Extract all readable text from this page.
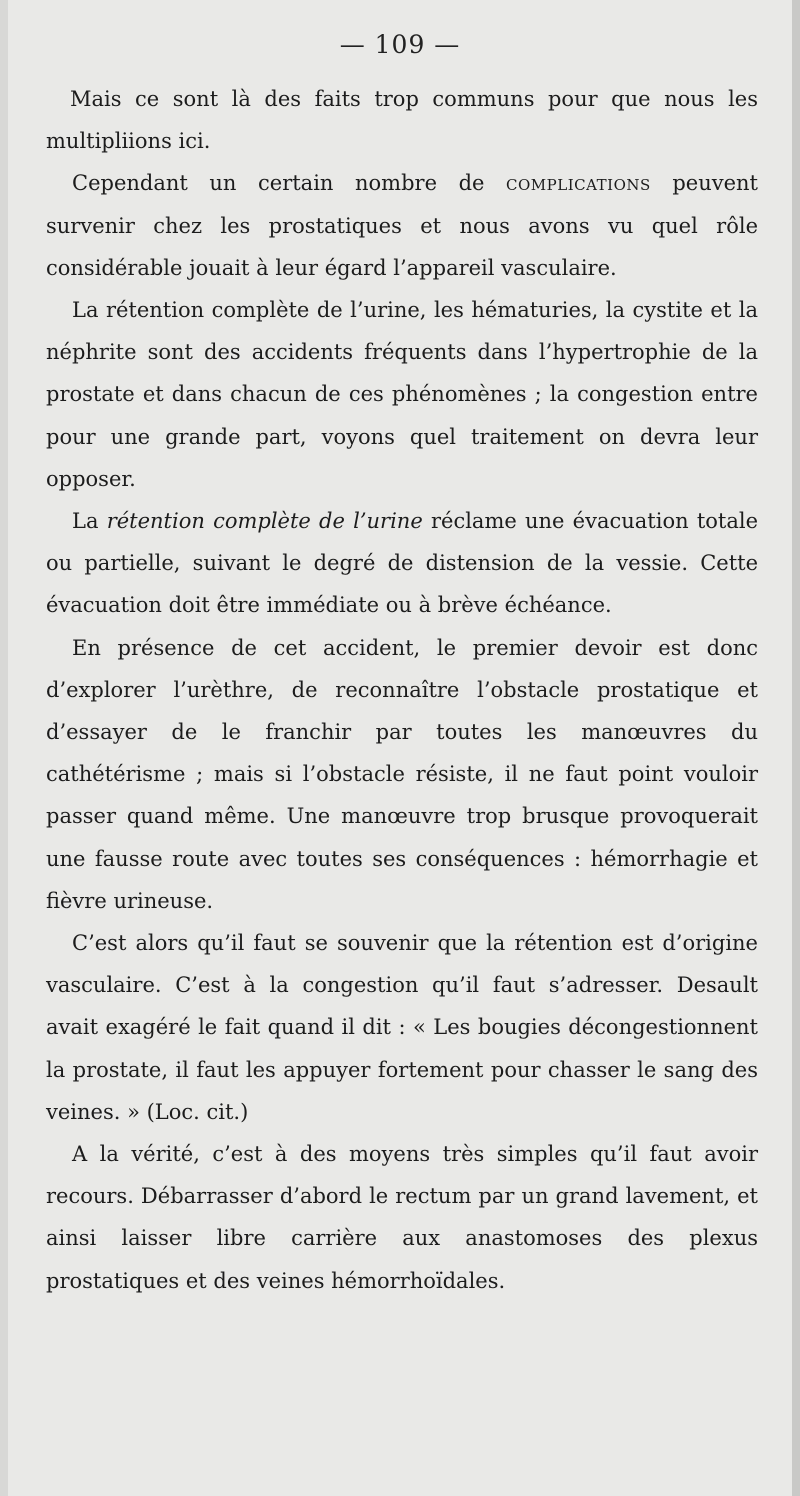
— 109 —

Mais ce sont là des faits trop communs pour que nous les multipliions ici.

Cependant un certain nombre de complications peuvent survenir chez les prostatiques et nous avons vu quel rôle considérable jouait à leur égard l’appareil vasculaire.

La rétention complète de l’urine, les hématuries, la cystite et la néphrite sont des accidents fréquents dans l’hypertrophie de la prostate et dans chacun de ces phénomènes ; la congestion entre pour une grande part, voyons quel traitement on devra leur opposer.

La rétention complète de l’urine réclame une évacuation totale ou partielle, suivant le degré de distension de la vessie. Cette évacuation doit être immédiate ou à brève échéance.

En présence de cet accident, le premier devoir est donc d’explorer l’urèthre, de reconnaître l’obstacle prostatique et d’essayer de le franchir par toutes les manœuvres du cathétérisme ; mais si l’obstacle résiste, il ne faut point vouloir passer quand même. Une manœuvre trop brusque provoquerait une fausse route avec toutes ses conséquences : hémorrhagie et fièvre urineuse.

C’est alors qu’il faut se souvenir que la rétention est d’origine vasculaire. C’est à la congestion qu’il faut s’adresser. Desault avait exagéré le fait quand il dit : « Les bougies décongestionnent la prostate, il faut les appuyer fortement pour chasser le sang des veines. » (Loc. cit.)

A la vérité, c’est à des moyens très simples qu’il faut avoir recours. Débarrasser d’abord le rectum par un grand lavement, et ainsi laisser libre carrière aux anastomoses des plexus prostatiques et des veines hémorrhoïdales.
